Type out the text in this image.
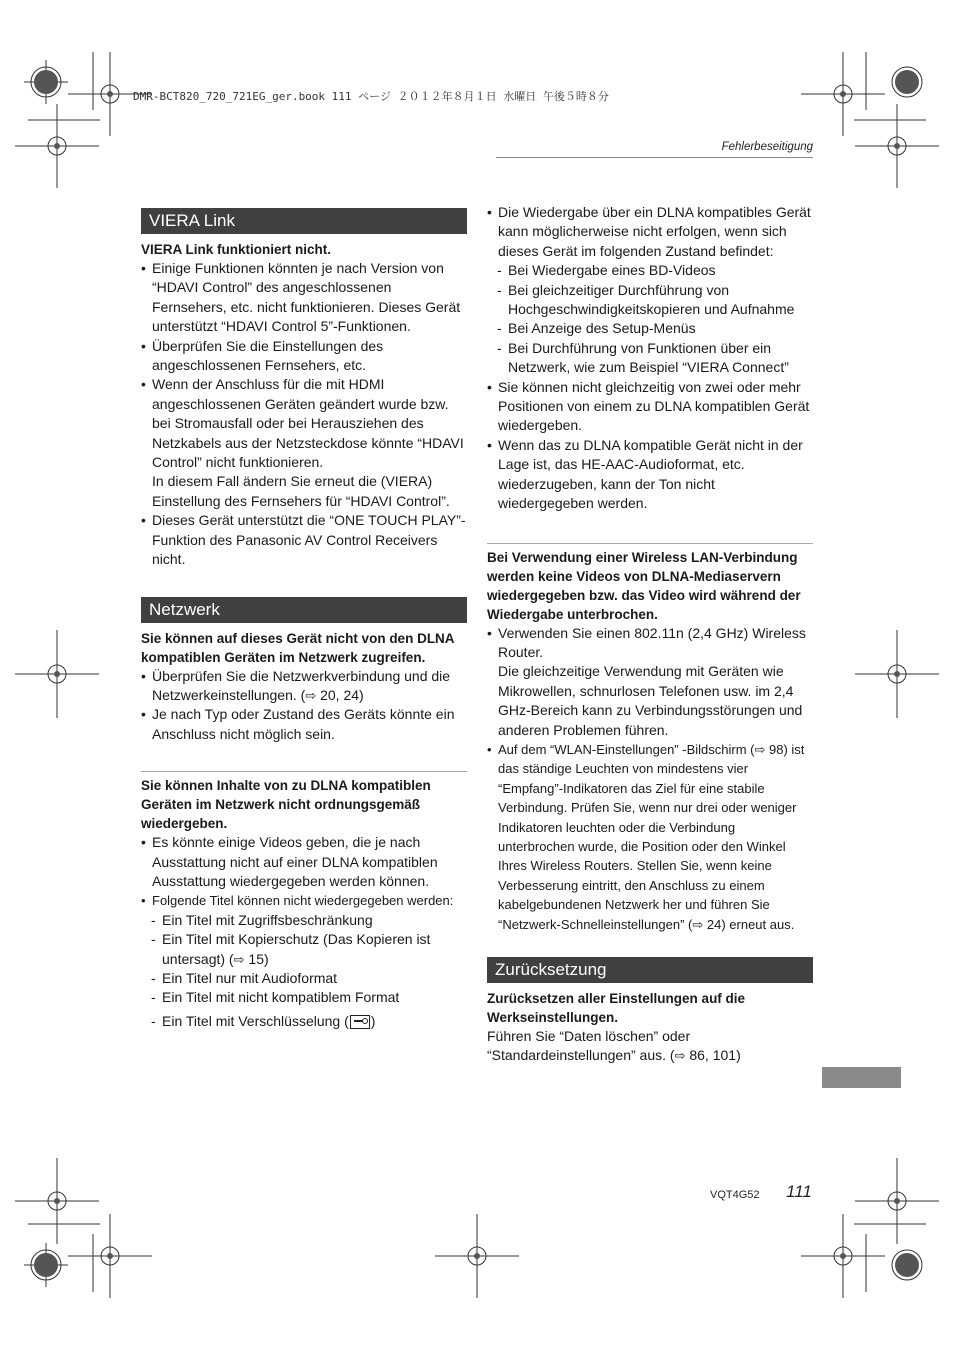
DMR-BCT820_720_721EG_ger.book 111 ページ ２０１２年８月１日 水曜日 午後５時８分
Fehlerbeseitigung
VIERA Link
VIERA Link funktioniert nicht.
• Einige Funktionen könnten je nach Version von “HDAVI Control” des angeschlossenen Fernsehers, etc. nicht funktionieren. Dieses Gerät unterstützt “HDAVI Control 5”-Funktionen.
• Überprüfen Sie die Einstellungen des angeschlossenen Fernsehers, etc.
• Wenn der Anschluss für die mit HDMI angeschlossenen Geräten geändert wurde bzw. bei Stromausfall oder bei Herausziehen des Netzkabels aus der Netzsteckdose könnte “HDAVI Control” nicht funktionieren.
In diesem Fall ändern Sie erneut die (VIERA) Einstellung des Fernsehers für “HDAVI Control”.
• Dieses Gerät unterstützt die “ONE TOUCH PLAY”-Funktion des Panasonic AV Control Receivers nicht.
Netzwerk
Sie können auf dieses Gerät nicht von den DLNA kompatiblen Geräten im Netzwerk zugreifen.
• Überprüfen Sie die Netzwerkverbindung und die Netzwerkeinstellungen. (⇨ 20, 24)
• Je nach Typ oder Zustand des Geräts könnte ein Anschluss nicht möglich sein.
Sie können Inhalte von zu DLNA kompatiblen Geräten im Netzwerk nicht ordnungsgemäß wiedergeben.
• Es könnte einige Videos geben, die je nach Ausstattung nicht auf einer DLNA kompatiblen Ausstattung wiedergegeben werden können.
• Folgende Titel können nicht wiedergegeben werden:
- Ein Titel mit Zugriffsbeschränkung
- Ein Titel mit Kopierschutz (Das Kopieren ist untersagt) (⇨ 15)
- Ein Titel nur mit Audioformat
- Ein Titel mit nicht kompatiblem Format
- Ein Titel mit Verschlüsselung ( )
• Die Wiedergabe über ein DLNA kompatibles Gerät kann möglicherweise nicht erfolgen, wenn sich dieses Gerät im folgenden Zustand befindet:
- Bei Wiedergabe eines BD-Videos
- Bei gleichzeitiger Durchführung von Hochgeschwindigkeitskopieren und Aufnahme
- Bei Anzeige des Setup-Menüs
- Bei Durchführung von Funktionen über ein Netzwerk, wie zum Beispiel “VIERA Connect”
• Sie können nicht gleichzeitig von zwei oder mehr Positionen von einem zu DLNA kompatiblen Gerät wiedergeben.
• Wenn das zu DLNA kompatible Gerät nicht in der Lage ist, das HE-AAC-Audioformat, etc. wiederzugeben, kann der Ton nicht wiedergegeben werden.
Bei Verwendung einer Wireless LAN-Verbindung werden keine Videos von DLNA-Mediaservern wiedergegeben bzw. das Video wird während der Wiedergabe unterbrochen.
• Verwenden Sie einen 802.11n (2,4 GHz) Wireless Router.
Die gleichzeitige Verwendung mit Geräten wie Mikrowellen, schnurlosen Telefonen usw. im 2,4 GHz-Bereich kann zu Verbindungsstörungen und anderen Problemen führen.
• Auf dem “WLAN-Einstellungen” -Bildschirm (⇨ 98) ist das ständige Leuchten von mindestens vier “Empfang”-Indikatoren das Ziel für eine stabile Verbindung. Prüfen Sie, wenn nur drei oder weniger Indikatoren leuchten oder die Verbindung unterbrochen wurde, die Position oder den Winkel Ihres Wireless Routers. Stellen Sie, wenn keine Verbesserung eintritt, den Anschluss zu einem kabelgebundenen Netzwerk her und führen Sie “Netzwerk-Schnelleinstellungen” (⇨ 24) erneut aus.
Zurücksetzung
Zurücksetzen aller Einstellungen auf die Werkseinstellungen.
Führen Sie “Daten löschen” oder “Standardeinstellungen” aus. (⇨ 86, 101)
VQT4G52 111
